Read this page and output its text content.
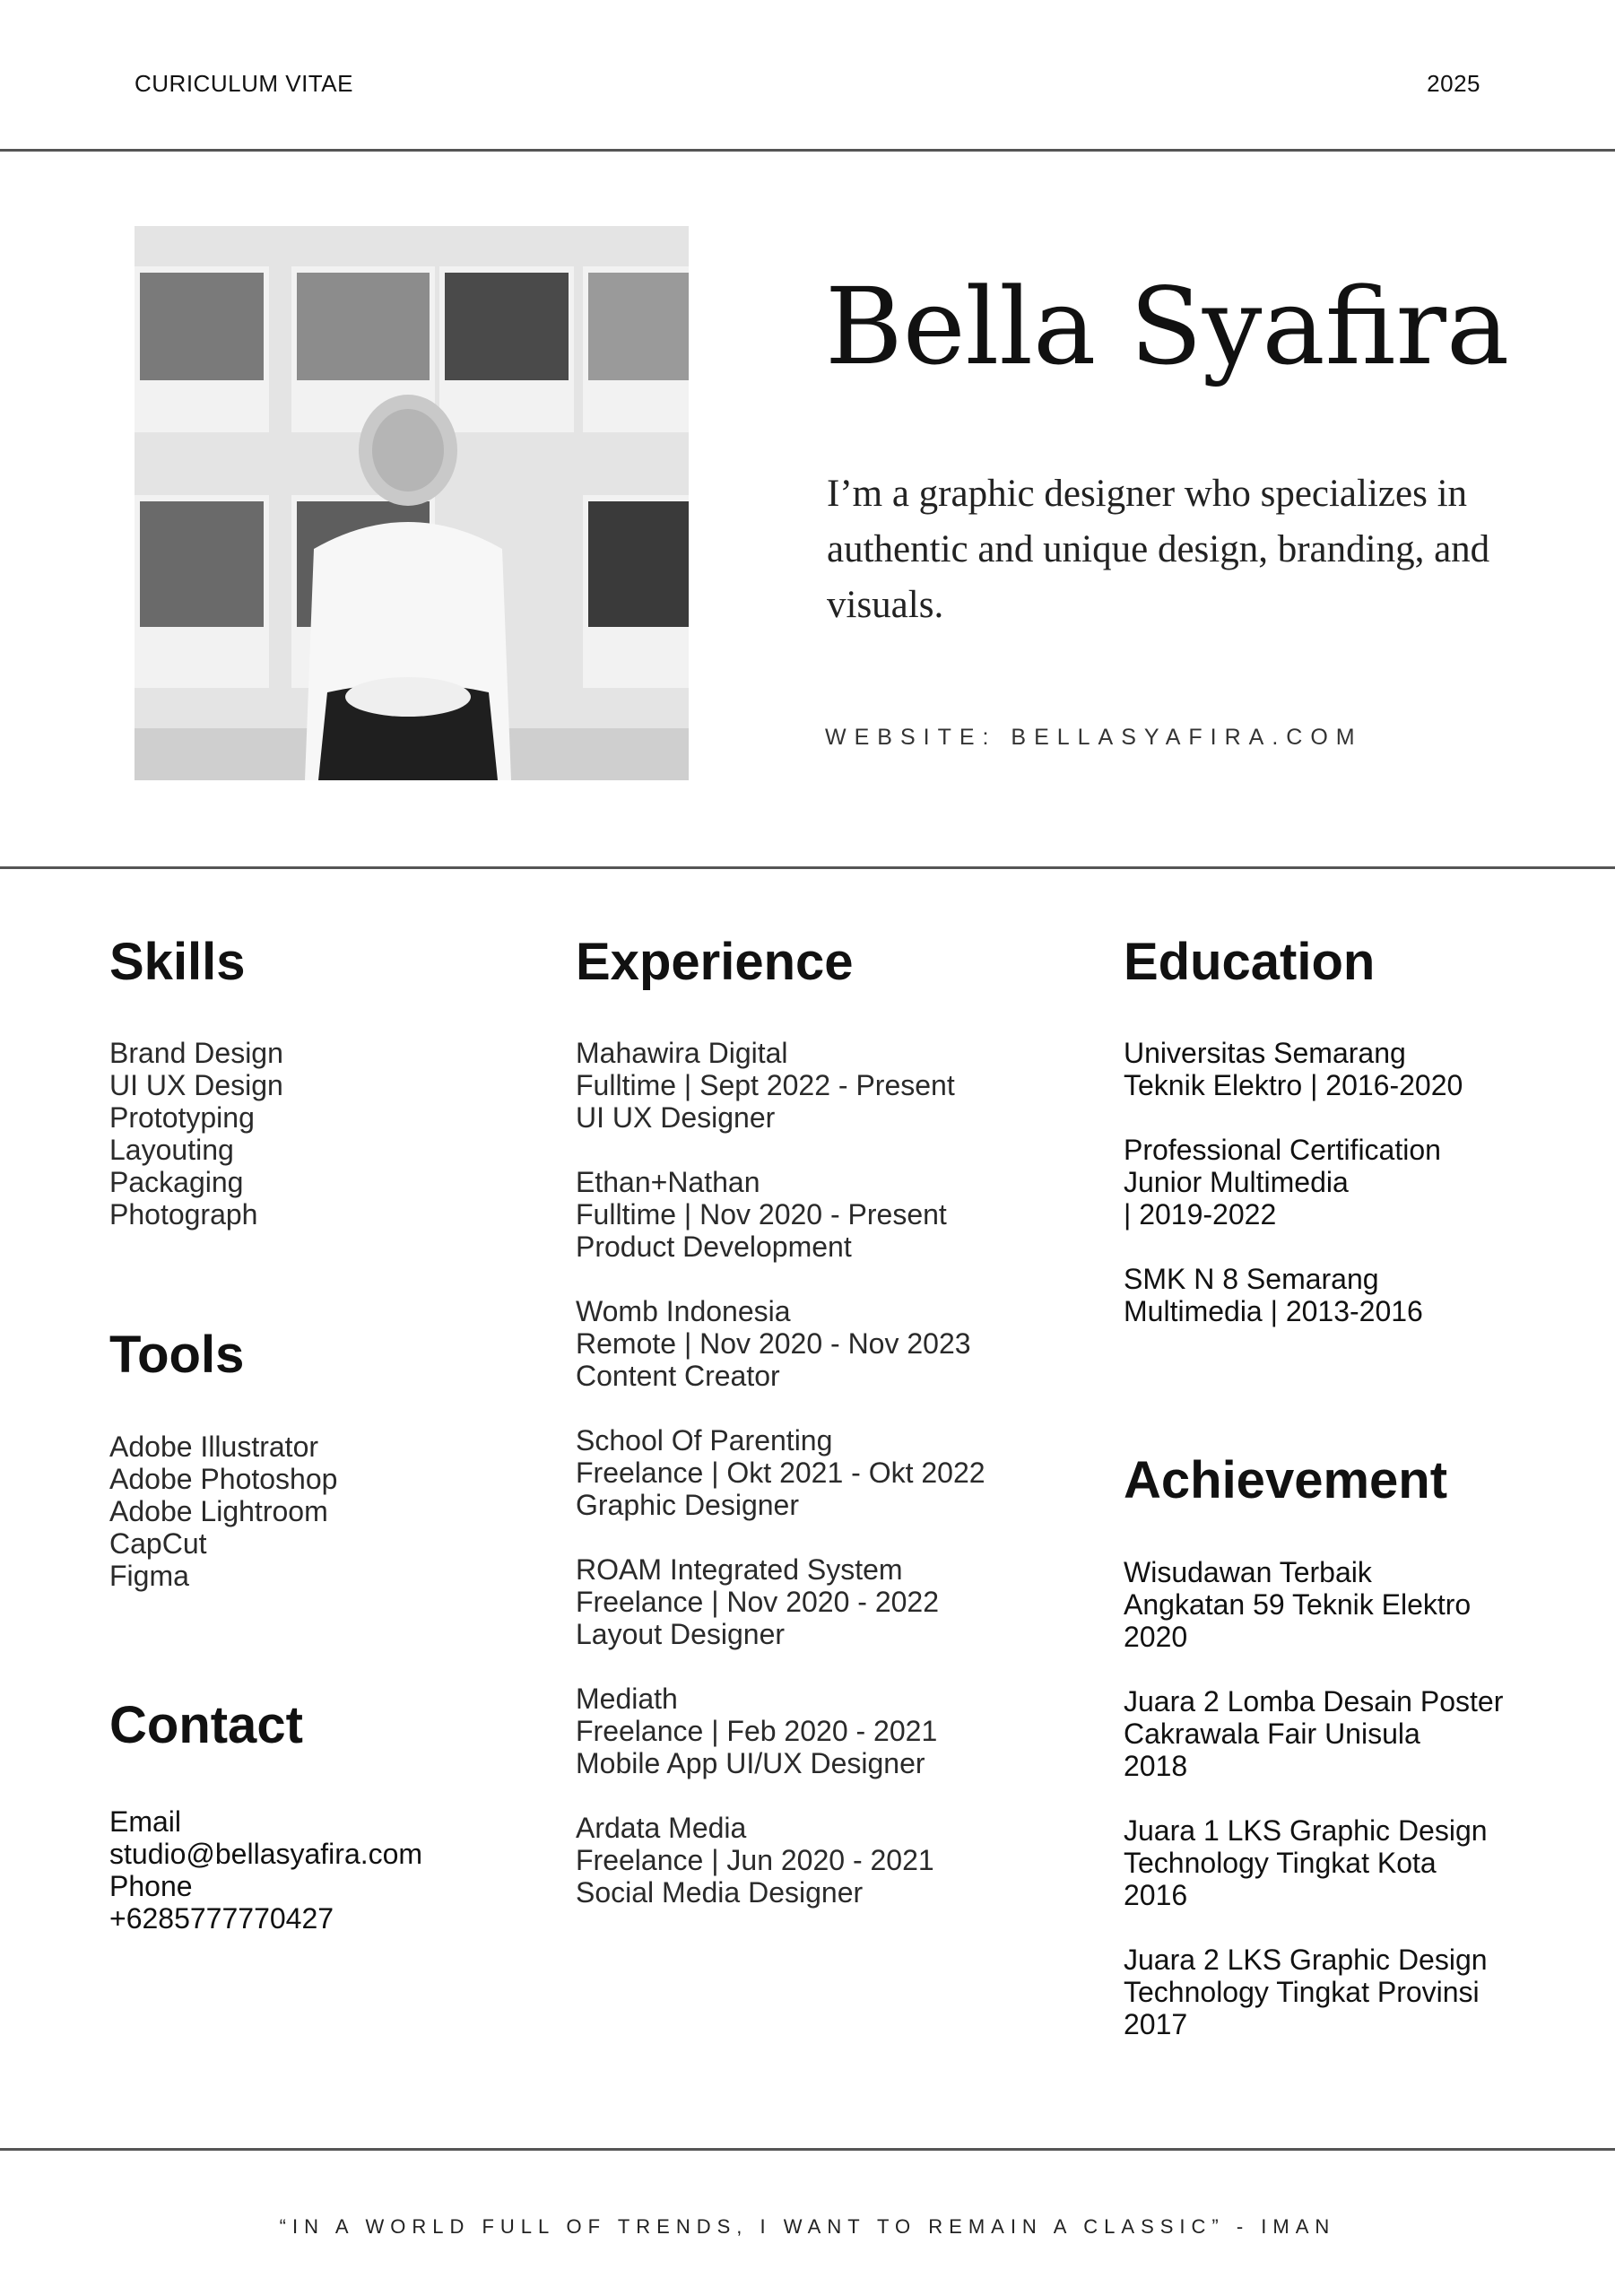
CURICULUM VITAE	2025
Bella Syafira

I’m a graphic designer who specializes in authentic and unique design, branding, and visuals.

WEBSITE: BELLASYAFIRA.COM
Skills
Brand Design
UI UX Design
Prototyping
Layouting
Packaging
Photograph
Tools
Adobe Illustrator
Adobe Photoshop
Adobe Lightroom
CapCut
Figma
Contact
Email
studio@bellasyafira.com
Phone
+6285777770427
Experience
Mahawira Digital
Fulltime | Sept 2022 - Present
UI UX Designer
Ethan+Nathan
Fulltime | Nov 2020 - Present
Product Development
Womb Indonesia
Remote | Nov 2020 - Nov 2023
Content Creator
School Of Parenting
Freelance | Okt 2021 - Okt 2022
Graphic Designer
ROAM Integrated System
Freelance | Nov 2020 - 2022
Layout Designer
Mediath
Freelance | Feb 2020 - 2021
Mobile App UI/UX Designer
Ardata Media
Freelance | Jun 2020 - 2021
Social Media Designer
Education
Universitas Semarang
Teknik Elektro | 2016-2020
Professional Certification
Junior Multimedia
| 2019-2022
SMK N 8 Semarang
Multimedia | 2013-2016
Achievement
Wisudawan Terbaik
Angkatan 59 Teknik Elektro
2020
Juara 2 Lomba Desain Poster
Cakrawala Fair Unisula
2018
Juara 1 LKS Graphic Design
Technology Tingkat Kota
2016
Juara 2 LKS Graphic Design
Technology Tingkat Provinsi
2017
“IN A WORLD FULL OF TRENDS, I WANT TO REMAIN A CLASSIC” - IMAN
